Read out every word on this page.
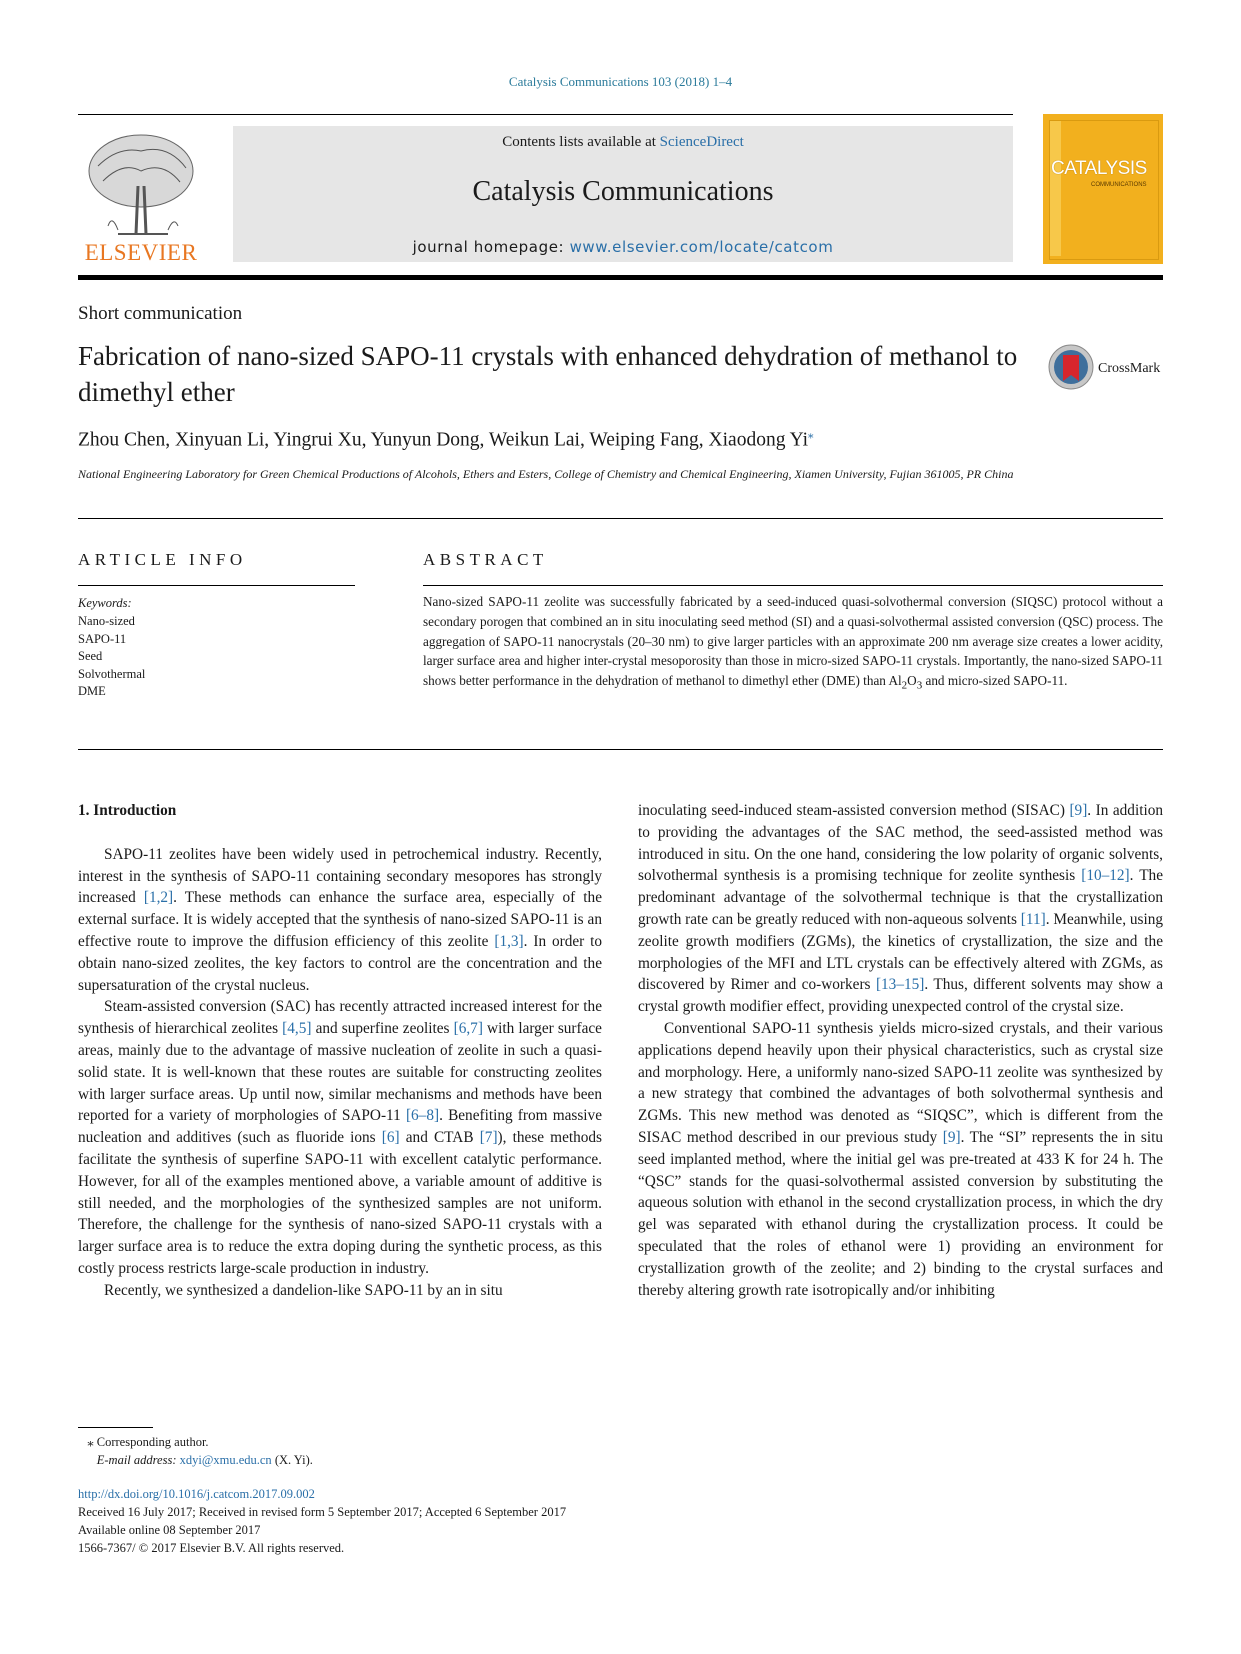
Catalysis Communications 103 (2018) 1–4
ELSEVIER
Contents lists available at ScienceDirect
Catalysis Communications
journal homepage: www.elsevier.com/locate/catcom
CATALYSIS
COMMUNICATIONS
Short communication
Fabrication of nano-sized SAPO-11 crystals with enhanced dehydration of methanol to dimethyl ether
CrossMark
Zhou Chen, Xinyuan Li, Yingrui Xu, Yunyun Dong, Weikun Lai, Weiping Fang, Xiaodong Yi⁎
National Engineering Laboratory for Green Chemical Productions of Alcohols, Ethers and Esters, College of Chemistry and Chemical Engineering, Xiamen University, Fujian 361005, PR China
ARTICLE INFO
Keywords:
Nano-sized
SAPO-11
Seed
Solvothermal
DME
ABSTRACT
Nano-sized SAPO-11 zeolite was successfully fabricated by a seed-induced quasi-solvothermal conversion (SIQSC) protocol without a secondary porogen that combined an in situ inoculating seed method (SI) and a quasi-solvothermal assisted conversion (QSC) process. The aggregation of SAPO-11 nanocrystals (20–30 nm) to give larger particles with an approximate 200 nm average size creates a lower acidity, larger surface area and higher inter-crystal mesoporosity than those in micro-sized SAPO-11 crystals. Importantly, the nano-sized SAPO-11 shows better performance in the dehydration of methanol to dimethyl ether (DME) than $Al_2O_3$ and micro-sized SAPO-11.

1. Introduction

SAPO-11 zeolites have been widely used in petrochemical industry. Recently, interest in the synthesis of SAPO-11 containing secondary mesopores has strongly increased [1,2]. These methods can enhance the surface area, especially of the external surface. It is widely accepted that the synthesis of nano-sized SAPO-11 is an effective route to improve the diffusion efficiency of this zeolite [1,3]. In order to obtain nano-sized zeolites, the key factors to control are the concentration and the supersaturation of the crystal nucleus.

Steam-assisted conversion (SAC) has recently attracted increased interest for the synthesis of hierarchical zeolites [4,5] and superfine zeolites [6,7] with larger surface areas, mainly due to the advantage of massive nucleation of zeolite in such a quasi-solid state. It is well-known that these routes are suitable for constructing zeolites with larger surface areas. Up until now, similar mechanisms and methods have been reported for a variety of morphologies of SAPO-11 [6–8]. Benefiting from massive nucleation and additives (such as fluoride ions [6] and CTAB [7]), these methods facilitate the synthesis of superfine SAPO-11 with excellent catalytic performance. However, for all of the examples mentioned above, a variable amount of additive is still needed, and the morphologies of the synthesized samples are not uniform. Therefore, the challenge for the synthesis of nano-sized SAPO-11 crystals with a larger surface area is to reduce the extra doping during the synthetic process, as this costly process restricts large-scale production in industry.

Recently, we synthesized a dandelion-like SAPO-11 by an in situ

inoculating seed-induced steam-assisted conversion method (SISAC) [9]. In addition to providing the advantages of the SAC method, the seed-assisted method was introduced in situ. On the one hand, considering the low polarity of organic solvents, solvothermal synthesis is a promising technique for zeolite synthesis [10–12]. The predominant advantage of the solvothermal technique is that the crystallization growth rate can be greatly reduced with non-aqueous solvents [11]. Meanwhile, using zeolite growth modifiers (ZGMs), the kinetics of crystallization, the size and the morphologies of the MFI and LTL crystals can be effectively altered with ZGMs, as discovered by Rimer and co-workers [13–15]. Thus, different solvents may show a crystal growth modifier effect, providing unexpected control of the crystal size.

Conventional SAPO-11 synthesis yields micro-sized crystals, and their various applications depend heavily upon their physical characteristics, such as crystal size and morphology. Here, a uniformly nano-sized SAPO-11 zeolite was synthesized by a new strategy that combined the advantages of both solvothermal synthesis and ZGMs. This new method was denoted as “SIQSC”, which is different from the SISAC method described in our previous study [9]. The “SI” represents the in situ seed implanted method, where the initial gel was pre-treated at 433 K for 24 h. The “QSC” stands for the quasi-solvothermal assisted conversion by substituting the aqueous solution with ethanol in the second crystallization process, in which the dry gel was separated with ethanol during the crystallization process. It could be speculated that the roles of ethanol were 1) providing an environment for crystallization growth of the zeolite; and 2) binding to the crystal surfaces and thereby altering growth rate isotropically and/or inhibiting

⁎ Corresponding author.
E-mail address: xdyi@xmu.edu.cn (X. Yi).
http://dx.doi.org/10.1016/j.catcom.2017.09.002
Received 16 July 2017; Received in revised form 5 September 2017; Accepted 6 September 2017
Available online 08 September 2017
1566-7367/ © 2017 Elsevier B.V. All rights reserved.
